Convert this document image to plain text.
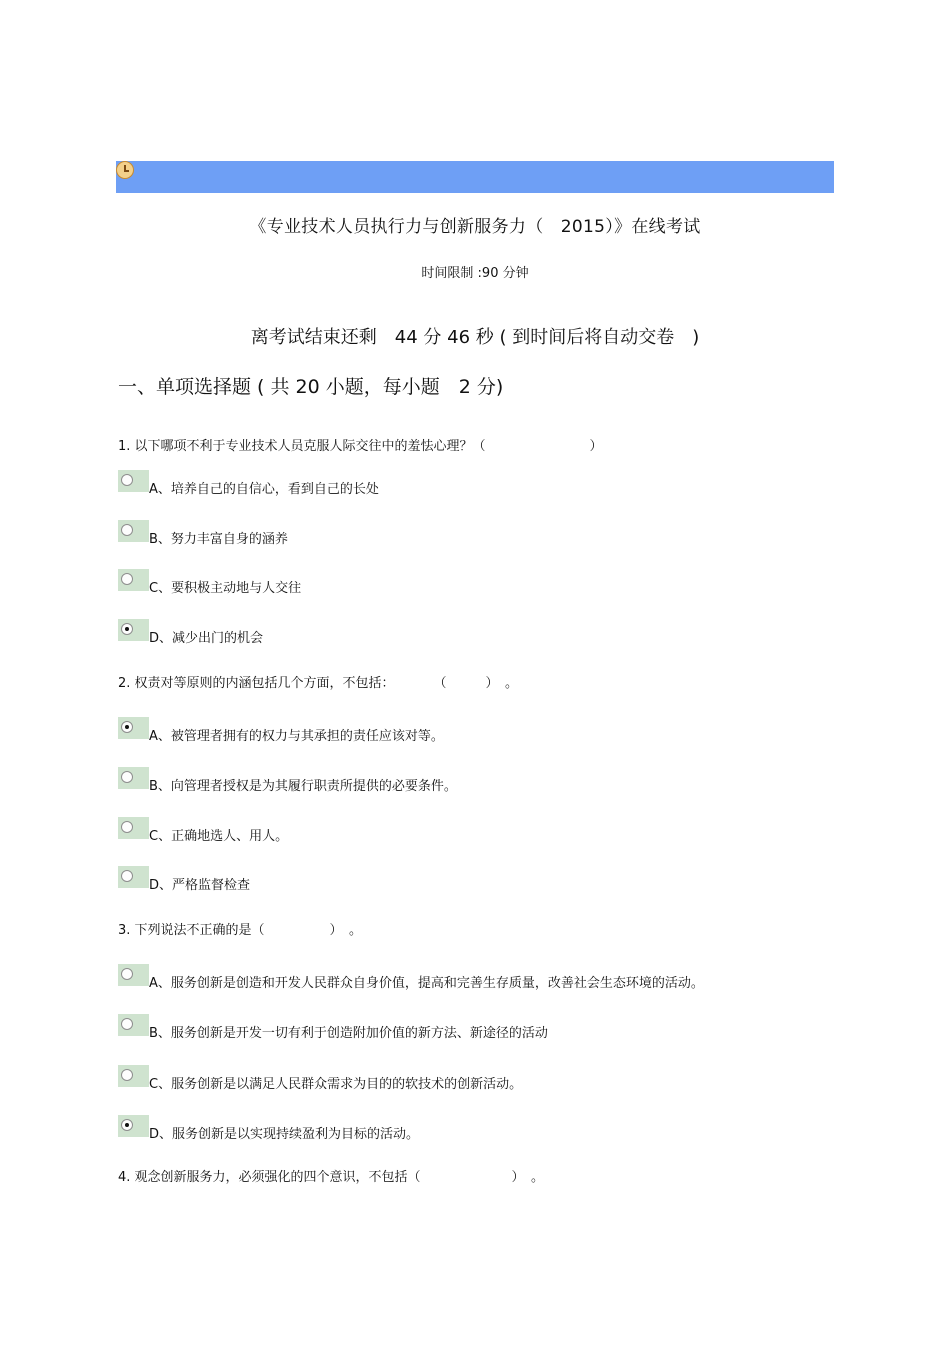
《专业技术人员执行力与创新服务力（　2015）》在线考试
时间限制 :90 分钟
离考试结束还剩　44 分 46 秒 ( 到时间后将自动交卷　)
一、单项选择题 ( 共 20 小题，每小题　2 分)
1. 以下哪项不利于专业技术人员克服人际交往中的羞怯心理？（　　　　　　　　）
A、培养自己的自信心，看到自己的长处
B、努力丰富自身的涵养
C、要积极主动地与人交往
D、减少出门的机会
2. 权责对等原则的内涵包括几个方面，不包括：　　　　（　　　）　。
A、被管理者拥有的权力与其承担的责任应该对等。
B、向管理者授权是为其履行职责所提供的必要条件。
C、正确地选人、用人。
D、严格监督检查
3. 下列说法不正确的是（　　　　　）　。
A、服务创新是创造和开发人民群众自身价值，提高和完善生存质量，改善社会生态环境的活动。
B、服务创新是开发一切有利于创造附加价值的新方法、新途径的活动
C、服务创新是以满足人民群众需求为目的的软技术的创新活动。
D、服务创新是以实现持续盈利为目标的活动。
4. 观念创新服务力，必须强化的四个意识，不包括（　　　　　　　）　。
